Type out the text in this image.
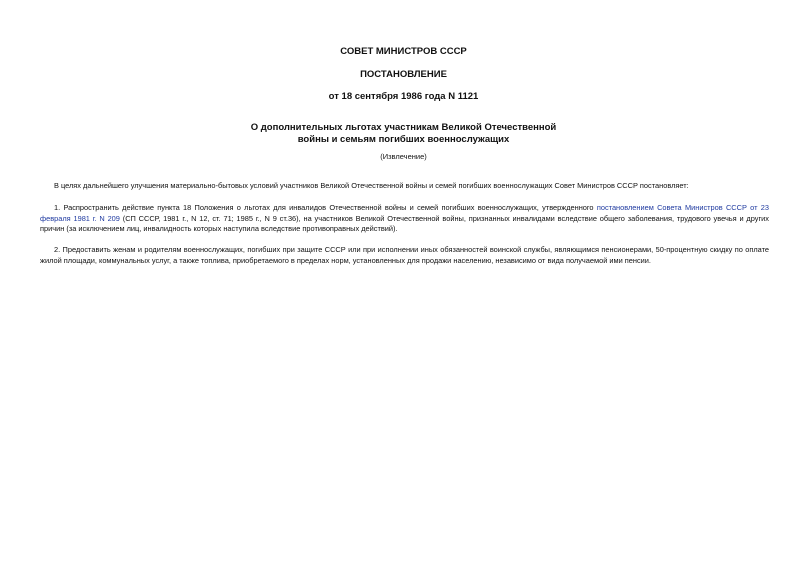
СОВЕТ МИНИСТРОВ СССР
ПОСТАНОВЛЕНИЕ
от 18 сентября 1986 года N 1121
О дополнительных льготах участникам Великой Отечественной
войны и семьям погибших военнослужащих
(Извлечение)

В целях дальнейшего улучшения материально-бытовых условий участников Великой Отечественной войны и семей погибших военнослужащих Совет Министров СССР постановляет:

1. Распространить действие пункта 18 Положения о льготах для инвалидов Отечественной войны и семей погибших военнослужащих, утвержденного постановлением Совета Министров СССР от 23 февраля 1981 г. N 209 (СП СССР, 1981 г., N 12, ст. 71; 1985 г., N 9 ст.36), на участников Великой Отечественной войны, признанных инвалидами вследствие общего заболевания, трудового увечья и других причин (за исключением лиц, инвалидность которых наступила вследствие противоправных действий).

2. Предоставить женам и родителям военнослужащих, погибших при защите СССР или при исполнении иных обязанностей воинской службы, являющимся пенсионерами, 50-процентную скидку по оплате жилой площади, коммунальных услуг, а также топлива, приобретаемого в пределах норм, установленных для продажи населению, независимо от вида получаемой ими пенсии.
